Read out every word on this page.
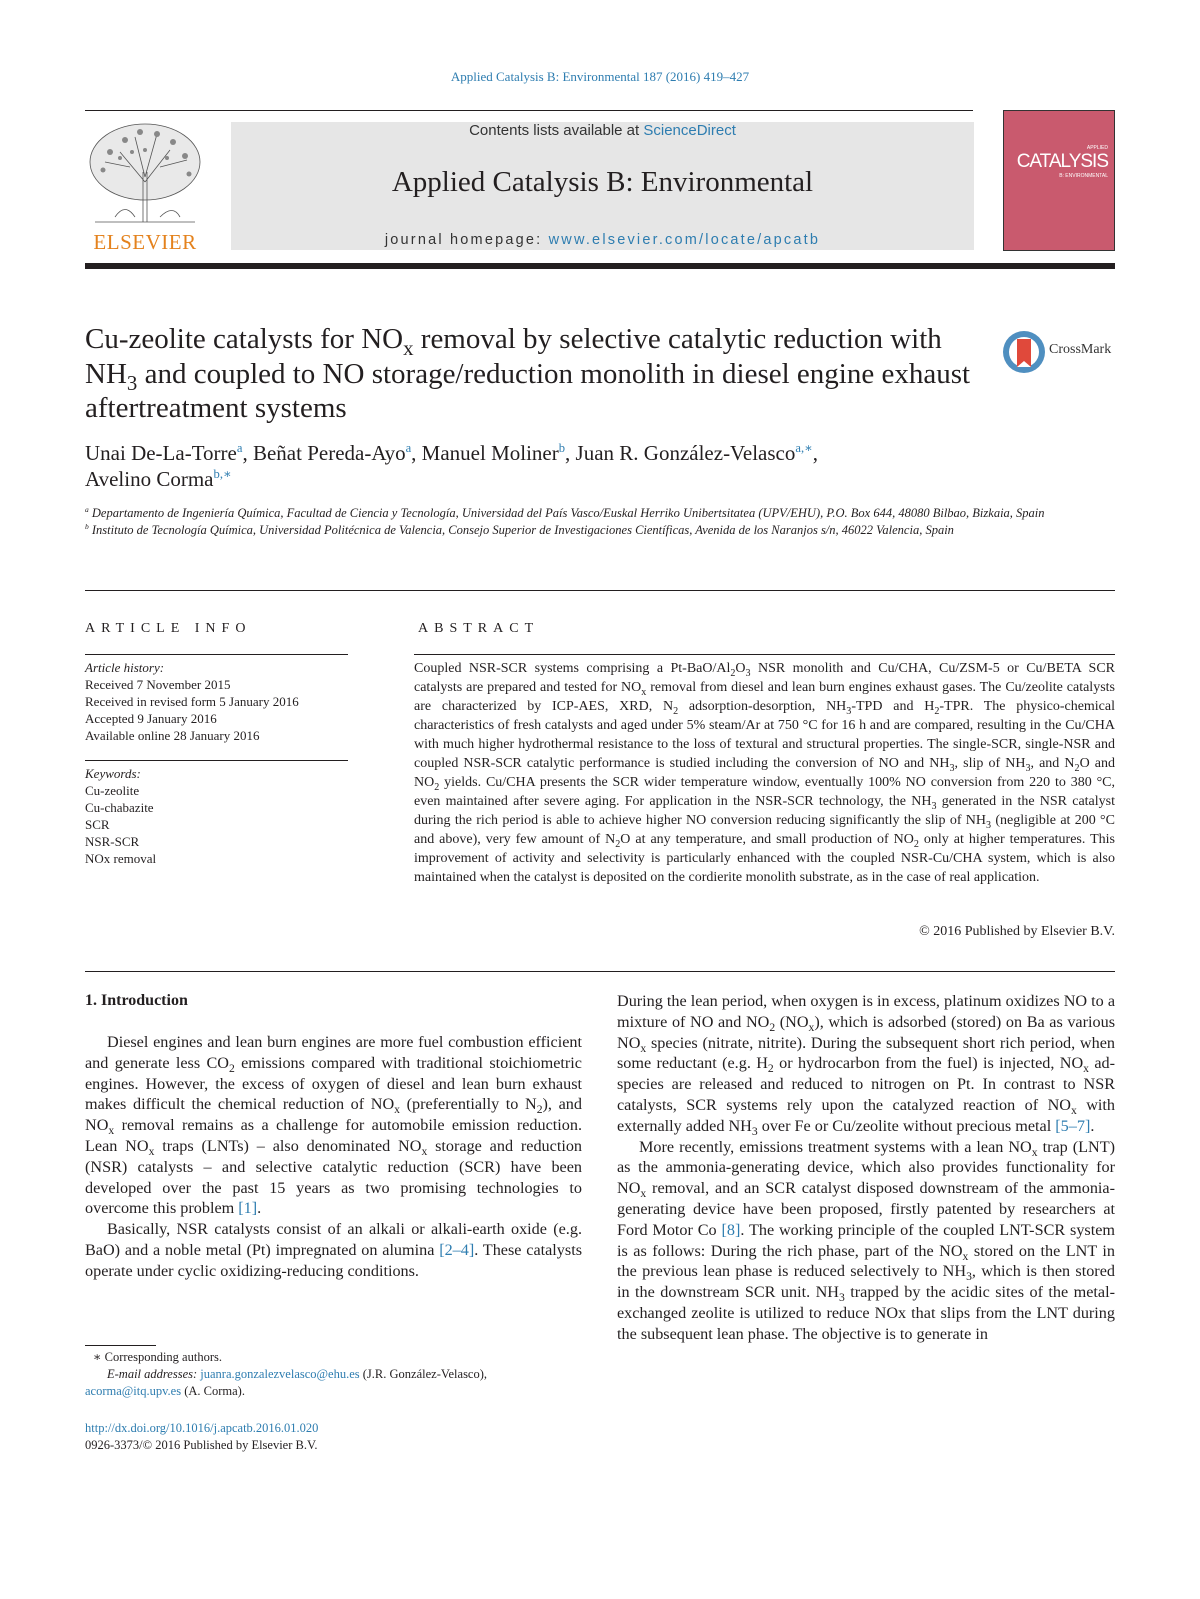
Applied Catalysis B: Environmental 187 (2016) 419–427
ELSEVIER
Contents lists available at ScienceDirect
Applied Catalysis B: Environmental
journal homepage: www.elsevier.com/locate/apcatb
APPLIED
CATALYSIS
B: ENVIRONMENTAL
Cu-zeolite catalysts for $NO_x$ removal by selective catalytic reduction with $NH_3$ and coupled to NO storage/reduction monolith in diesel engine exhaust aftertreatment systems
CrossMark
Unai De-La-Torre$^a$, Beñat Pereda-Ayo$^a$, Manuel Moliner$^b$, Juan R. González-Velasco$^{a,∗}$,
Avelino Corma$^{b,∗}$
$^a$ Departamento de Ingeniería Química, Facultad de Ciencia y Tecnología, Universidad del País Vasco/Euskal Herriko Unibertsitatea (UPV/EHU), P.O. Box 644, 48080 Bilbao, Bizkaia, Spain
$^b$ Instituto de Tecnología Química, Universidad Politécnica de Valencia, Consejo Superior de Investigaciones Científicas, Avenida de los Naranjos s/n, 46022 Valencia, Spain
ARTICLE INFO	ABSTRACT
Article history:
Received 7 November 2015
Received in revised form 5 January 2016
Accepted 9 January 2016
Available online 28 January 2016
Keywords:
Cu-zeolite
Cu-chabazite
SCR
NSR-SCR
NOx removal
Coupled NSR-SCR systems comprising a $Pt-BaO/Al_2O_3$ NSR monolith and Cu/CHA, Cu/ZSM-5 or Cu/BETA SCR catalysts are prepared and tested for $NO_x$ removal from diesel and lean burn engines exhaust gases. The Cu/zeolite catalysts are characterized by ICP-AES, XRD, $N_2$ adsorption-desorption, $NH_3$-TPD and $H_2$-TPR. The physico-chemical characteristics of fresh catalysts and aged under 5% steam/Ar at 750 °C for 16 h and are compared, resulting in the Cu/CHA with much higher hydrothermal resistance to the loss of textural and structural properties. The single-SCR, single-NSR and coupled NSR-SCR catalytic performance is studied including the conversion of NO and $NH_3$, slip of $NH_3$, and $N_2O$ and $NO_2$ yields. Cu/CHA presents the SCR wider temperature window, eventually 100% NO conversion from 220 to 380 °C, even maintained after severe aging. For application in the NSR-SCR technology, the $NH_3$ generated in the NSR catalyst during the rich period is able to achieve higher NO conversion reducing significantly the slip of $NH_3$ (negligible at 200 °C and above), very few amount of $N_2O$ at any temperature, and small production of $NO_2$ only at higher temperatures. This improvement of activity and selectivity is particularly enhanced with the coupled NSR-Cu/CHA system, which is also maintained when the catalyst is deposited on the cordierite monolith substrate, as in the case of real application.
© 2016 Published by Elsevier B.V.
1. Introduction

Diesel engines and lean burn engines are more fuel combustion efficient and generate less $CO_2$ emissions compared with traditional stoichiometric engines. However, the excess of oxygen of diesel and lean burn exhaust makes difficult the chemical reduction of $NO_x$ (preferentially to $N_2$), and $NO_x$ removal remains as a challenge for automobile emission reduction. Lean $NO_x$ traps (LNTs) – also denominated $NO_x$ storage and reduction (NSR) catalysts – and selective catalytic reduction (SCR) have been developed over the past 15 years as two promising technologies to overcome this problem [1].

Basically, NSR catalysts consist of an alkali or alkali-earth oxide (e.g. BaO) and a noble metal (Pt) impregnated on alumina [2–4]. These catalysts operate under cyclic oxidizing-reducing conditions.

During the lean period, when oxygen is in excess, platinum oxidizes NO to a mixture of NO and $NO_2$ $(NO_x)$, which is adsorbed (stored) on Ba as various $NO_x$ species (nitrate, nitrite). During the subsequent short rich period, when some reductant (e.g. $H_2$ or hydrocarbon from the fuel) is injected, $NO_x$ ad-species are released and reduced to nitrogen on Pt. In contrast to NSR catalysts, SCR systems rely upon the catalyzed reaction of $NO_x$ with externally added $NH_3$ over Fe or Cu/zeolite without precious metal [5–7].

More recently, emissions treatment systems with a lean $NO_x$ trap (LNT) as the ammonia-generating device, which also provides functionality for $NO_x$ removal, and an SCR catalyst disposed downstream of the ammonia-generating device have been proposed, firstly patented by researchers at Ford Motor Co [8]. The working principle of the coupled LNT-SCR system is as follows: During the rich phase, part of the $NO_x$ stored on the LNT in the previous lean phase is reduced selectively to $NH_3$, which is then stored in the downstream SCR unit. $NH_3$ trapped by the acidic sites of the metal-exchanged zeolite is utilized to reduce NOx that slips from the LNT during the subsequent lean phase. The objective is to generate in

∗ Corresponding authors.
E-mail addresses: juanra.gonzalezvelasco@ehu.es (J.R. González-Velasco),
acorma@itq.upv.es (A. Corma).
http://dx.doi.org/10.1016/j.apcatb.2016.01.020
0926-3373/© 2016 Published by Elsevier B.V.
